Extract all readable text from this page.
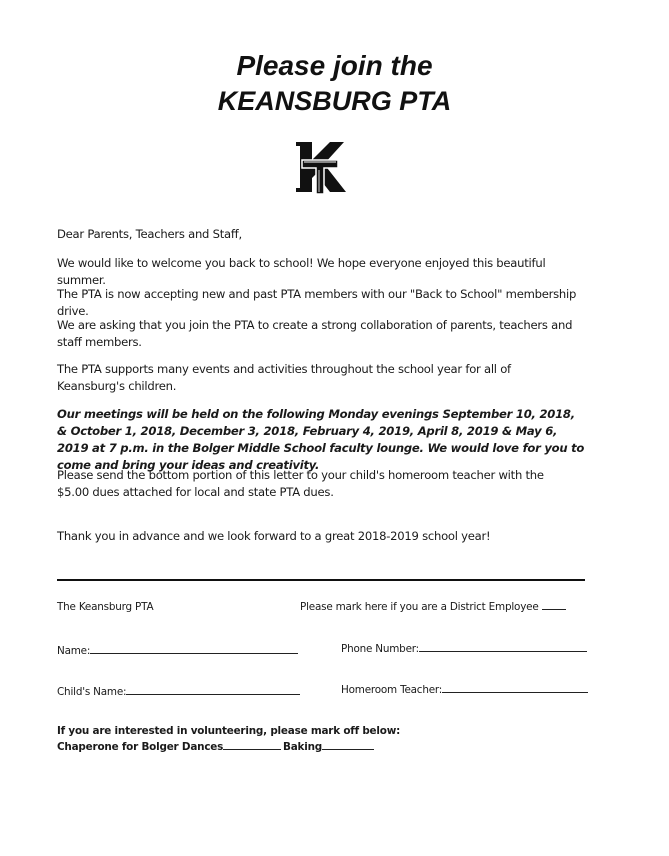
Please join the
KEANSBURG PTA
Dear Parents, Teachers and Staff,
We would like to welcome you back to school! We hope everyone enjoyed this beautiful summer.
The PTA is now accepting new and past PTA members with our "Back to School" membership drive.
We are asking that you join the PTA to create a strong collaboration of parents, teachers and staff members.
The PTA supports many events and activities throughout the school year for all of Keansburg's children.
Our meetings will be held on the following Monday evenings September 10, 2018, & October 1, 2018, December 3, 2018, February 4, 2019, April 8, 2019 & May 6, 2019 at 7 p.m. in the Bolger Middle School faculty lounge. We would love for you to come and bring your ideas and creativity.
Please send the bottom portion of this letter to your child's homeroom teacher with the $5.00 dues attached for local and state PTA dues.
Thank you in advance and we look forward to a great 2018-2019 school year!
The Keansburg PTA	Please mark here if you are a District Employee
Name:	Phone Number:
Child's Name:	Homeroom Teacher:
If you are interested in volunteering, please mark off below:
Chaperone for Bolger Dances	Baking
